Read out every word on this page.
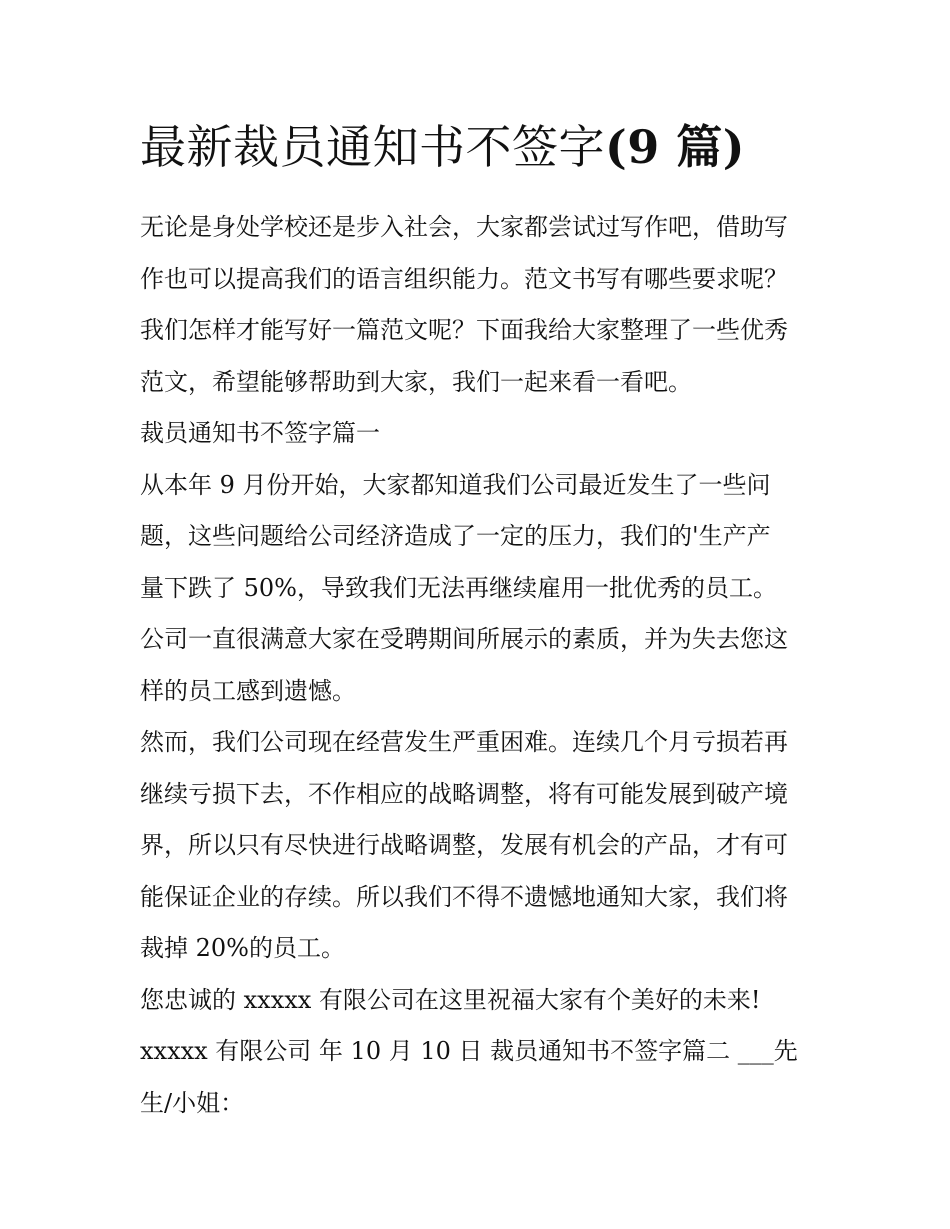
最新裁员通知书不签字(9 篇)

无论是身处学校还是步入社会，大家都尝试过写作吧，借助写

作也可以提高我们的语言组织能力。范文书写有哪些要求呢？

我们怎样才能写好一篇范文呢？下面我给大家整理了一些优秀

范文，希望能够帮助到大家，我们一起来看一看吧。

裁员通知书不签字篇一

从本年 9 月份开始，大家都知道我们公司最近发生了一些问

题，这些问题给公司经济造成了一定的压力，我们的'生产产

量下跌了 50%，导致我们无法再继续雇用一批优秀的员工。

公司一直很满意大家在受聘期间所展示的素质，并为失去您这

样的员工感到遗憾。

然而，我们公司现在经营发生严重困难。连续几个月亏损若再

继续亏损下去，不作相应的战略调整，将有可能发展到破产境

界，所以只有尽快进行战略调整，发展有机会的产品，才有可

能保证企业的存续。所以我们不得不遗憾地通知大家，我们将

裁掉 20%的员工。

您忠诚的 xxxxx 有限公司在这里祝福大家有个美好的未来!

xxxxx 有限公司 年 10 月 10 日 裁员通知书不签字篇二 ___先

生/小姐：
